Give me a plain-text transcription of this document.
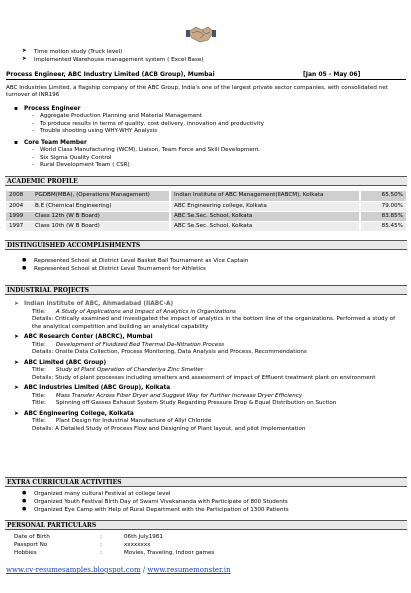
➤ Time motion study (Truck level)
➤ Implemented Warehouse management system ( Excel Base)
Process Engineer, ABC Industry Limited (ACB Group), Mumbai	[Jan 05 - May 06]
ABC Industries Limited, a flagship company of the ABC Group, India's one of the largest private sector companies, with consolidated net turnover of INR196
▪ Process Engineer
- Aggregate Production Planning and Material Management
- To produce results in terms of quality, cost delivery, innovation and productivity
- Trouble shooting using WHY-WHY Analysis
▪ Core Team Member
- World Class Manufacturing (WCM), Liaison, Team Force and Skill Development.
- Six Sigma Quality Control
- Rural Development Team ( CSR)
ACADEMIC PROFILE
2008	PGDBM(MBA), (Operations Management)	Indian Institute of ABC Management(IIABCM), Kolkata	65.50%
2004	B.E (Chemical Engineering)	ABC Engineering college, Kolkata	79.00%
1999	Class 12th (W B Board)	ABC Se.Sec. School, Kolkata	83.85%
1997	Class 10th (W B Board)	ABC Se.Sec. School, Kolkata	85.45%
DISTINGUISHED ACCOMPLISHMENTS
● Represented School at District Level Basket Ball Tournament as Vice Captain
● Represented School at District Level Tournament for Athletics
INDUSTRIAL PROJECTS
➤ Indian Institute of ABC, Ahmadabad (IIABC-A)
Title: A Study of Applications and Impact of Analytics in Organizations
Details: Critically examined and investigated the impact of analytics in the bottom line of the organizations. Performed a study of the analytical competition and building an analytical capability
➤ ABC Research Center (ABCRC), Mumbai
Title: Development of Fluidized Bed Thermal De-Nitration Process
Details: Onsite Data Collection, Process Monitoring, Data Analysis and Process, Recommendations
➤ ABC Limited (ABC Group)
Title: Study of Plant Operation of Chanderiya Zinc Smelter
Details: Study of plant processes including smelters and assessment of impact of Effluent treatment plant on environment
➤ ABC Industries Limited (ABC Group), Kolkata
Title: Mass Transfer Across Fiber Dryer and Suggest Way for Further Increase Dryer Efficiency
Title: Spinning off Gasses Exhaust System Study Regarding Pressure Drop & Equal Distribution on Suction
➤ ABC Engineering College, Kolkata
Title: Plant Design for Industrial Manufacture of Allyl Chloride
Details: A Detailed Study of Process Flow and Designing of Plant layout, and pilot Implementation
EXTRA CURRICULAR ACTIVITIES
● Organized many cultural Festival at college level
● Organized Youth Festival Birth Day of Swami Vivekananda with Participate of 800 Students
● Organized Eye Camp with Help of Rural Department with the Participation of 1300 Patients
PERSONAL PARTICULARS
Date of Birth	:	06th July1981
Passport No	:	xxxxxxxx
Hobbies	:	Movies, Traveling, Indoor games
www.cv-resumesamples.blogspot.com / www.resumemonster.in
